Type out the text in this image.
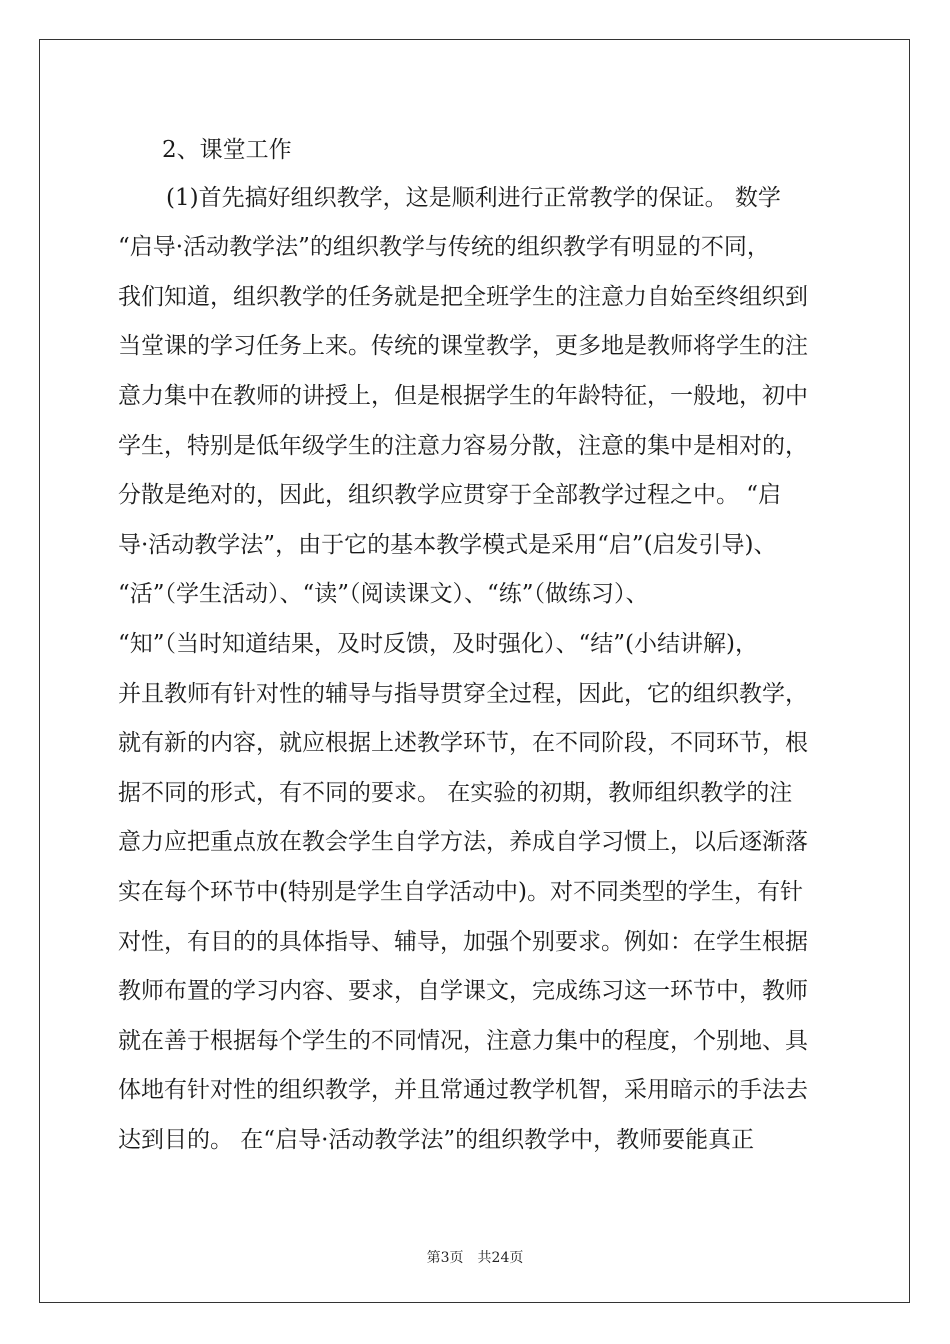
2、课堂工作
(1)首先搞好组织教学，这是顺利进行正常教学的保证。 数学
“启导·活动教学法”的组织教学与传统的组织教学有明显的不同，
我们知道，组织教学的任务就是把全班学生的注意力自始至终组织到
当堂课的学习任务上来。传统的课堂教学，更多地是教师将学生的注
意力集中在教师的讲授上，但是根据学生的年龄特征，一般地，初中
学生，特别是低年级学生的注意力容易分散，注意的集中是相对的，
分散是绝对的，因此，组织教学应贯穿于全部教学过程之中。 “启
导·活动教学法”，由于它的基本教学模式是采用“启”(启发引导)、
“活”（学生活动）、“读”（阅读课文）、“练”（做练习）、
“知”（当时知道结果，及时反馈，及时强化）、“结”(小结讲解)，
并且教师有针对性的辅导与指导贯穿全过程，因此，它的组织教学，
就有新的内容，就应根据上述教学环节，在不同阶段，不同环节，根
据不同的形式，有不同的要求。 在实验的初期，教师组织教学的注
意力应把重点放在教会学生自学方法，养成自学习惯上，以后逐渐落
实在每个环节中(特别是学生自学活动中)。对不同类型的学生，有针
对性，有目的的具体指导、辅导，加强个别要求。例如：在学生根据
教师布置的学习内容、要求，自学课文，完成练习这一环节中，教师
就在善于根据每个学生的不同情况，注意力集中的程度，个别地、具
体地有针对性的组织教学，并且常通过教学机智，采用暗示的手法去
达到目的。 在“启导·活动教学法”的组织教学中，教师要能真正
第3页 共24页
